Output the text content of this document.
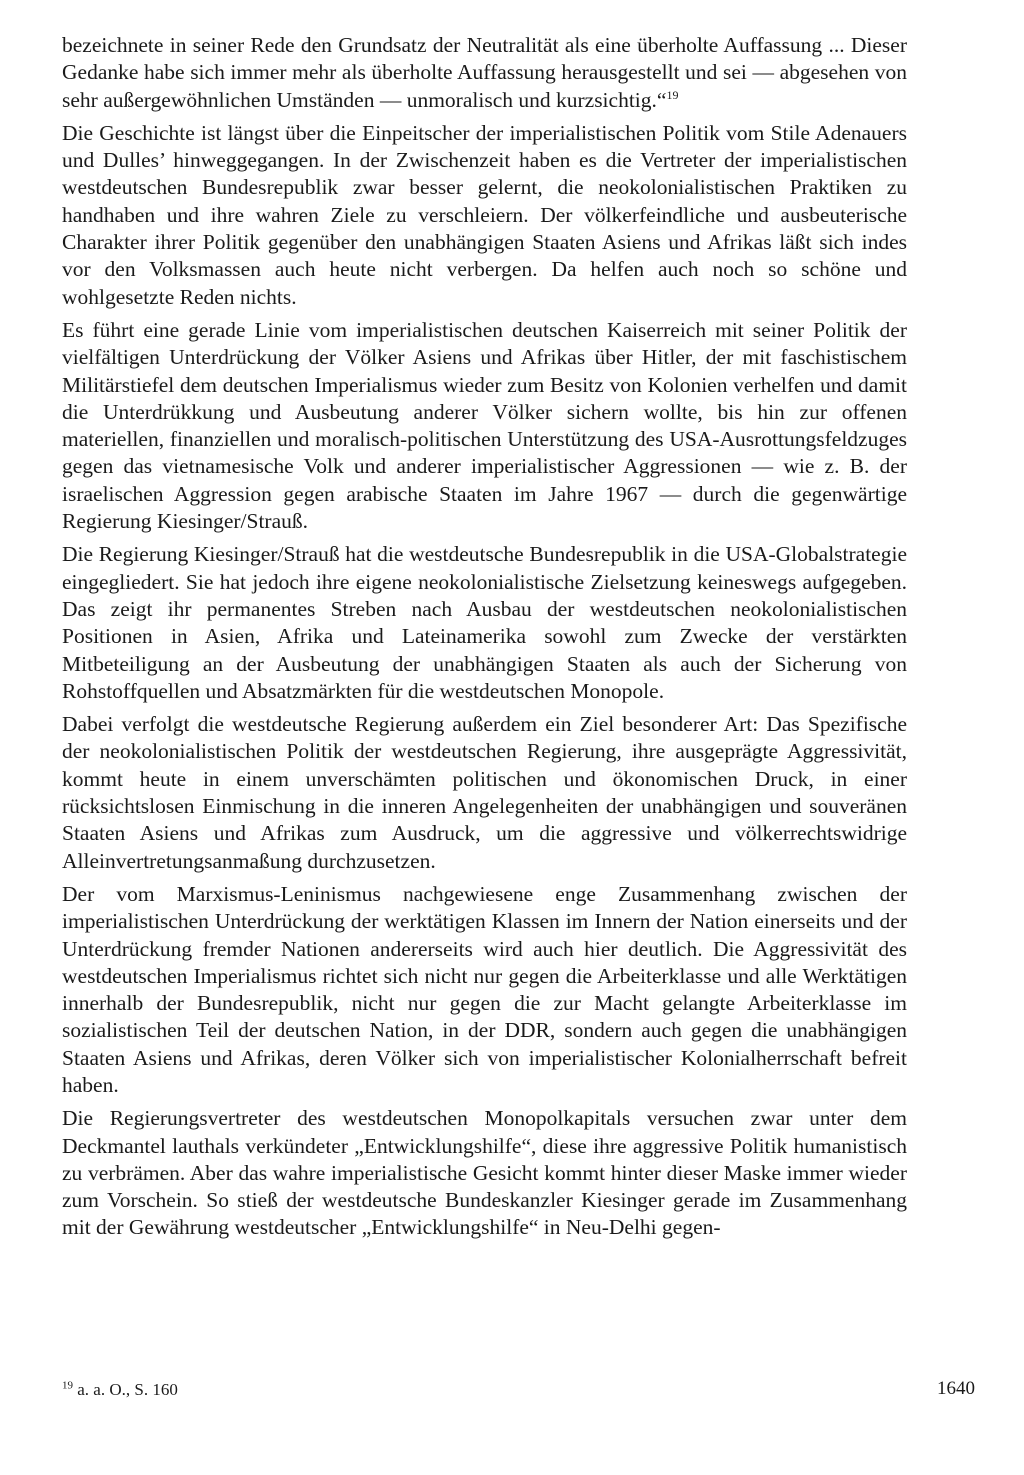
bezeichnete in seiner Rede den Grundsatz der Neutralität als eine überholte Auffassung ... Dieser Gedanke habe sich immer mehr als überholte Auffassung herausgestellt und sei — abgesehen von sehr außergewöhnlichen Umständen — unmoralisch und kurzsichtig.“$^{19}$

Die Geschichte ist längst über die Einpeitscher der imperialistischen Politik vom Stile Adenauers und Dulles’ hinweggegangen. In der Zwischenzeit haben es die Vertreter der imperialistischen westdeutschen Bundesrepublik zwar besser gelernt, die neokolonialistischen Praktiken zu handhaben und ihre wahren Ziele zu verschleiern. Der völkerfeindliche und ausbeuterische Charakter ihrer Politik gegenüber den unabhängigen Staaten Asiens und Afrikas läßt sich indes vor den Volksmassen auch heute nicht verbergen. Da helfen auch noch so schöne und wohlgesetzte Reden nichts.

Es führt eine gerade Linie vom imperialistischen deutschen Kaiserreich mit seiner Politik der vielfältigen Unterdrückung der Völker Asiens und Afrikas über Hitler, der mit faschistischem Militärstiefel dem deutschen Imperialismus wieder zum Besitz von Kolonien verhelfen und damit die Unterdrükkung und Ausbeutung anderer Völker sichern wollte, bis hin zur offenen materiellen, finanziellen und moralisch-politischen Unterstützung des USA-Ausrottungsfeldzuges gegen das vietnamesische Volk und anderer imperialistischer Aggressionen — wie z. B. der israelischen Aggression gegen arabische Staaten im Jahre 1967 — durch die gegenwärtige Regierung Kiesinger/Strauß.

Die Regierung Kiesinger/Strauß hat die westdeutsche Bundesrepublik in die USA-Globalstrategie eingegliedert. Sie hat jedoch ihre eigene neokolonialistische Zielsetzung keineswegs aufgegeben. Das zeigt ihr permanentes Streben nach Ausbau der westdeutschen neokolonialistischen Positionen in Asien, Afrika und Lateinamerika sowohl zum Zwecke der verstärkten Mitbeteiligung an der Ausbeutung der unabhängigen Staaten als auch der Sicherung von Rohstoffquellen und Absatzmärkten für die westdeutschen Monopole.

Dabei verfolgt die westdeutsche Regierung außerdem ein Ziel besonderer Art: Das Spezifische der neokolonialistischen Politik der westdeutschen Regierung, ihre ausgeprägte Aggressivität, kommt heute in einem unverschämten politischen und ökonomischen Druck, in einer rücksichtslosen Einmischung in die inneren Angelegenheiten der unabhängigen und souveränen Staaten Asiens und Afrikas zum Ausdruck, um die aggressive und völkerrechtswidrige Alleinvertretungsanmaßung durchzusetzen.

Der vom Marxismus-Leninismus nachgewiesene enge Zusammenhang zwischen der imperialistischen Unterdrückung der werktätigen Klassen im Innern der Nation einerseits und der Unterdrückung fremder Nationen andererseits wird auch hier deutlich. Die Aggressivität des westdeutschen Imperialismus richtet sich nicht nur gegen die Arbeiterklasse und alle Werktätigen innerhalb der Bundesrepublik, nicht nur gegen die zur Macht gelangte Arbeiterklasse im sozialistischen Teil der deutschen Nation, in der DDR, sondern auch gegen die unabhängigen Staaten Asiens und Afrikas, deren Völker sich von imperialistischer Kolonialherrschaft befreit haben.

Die Regierungsvertreter des westdeutschen Monopolkapitals versuchen zwar unter dem Deckmantel lauthals verkündeter „Entwicklungshilfe“, diese ihre aggressive Politik humanistisch zu verbrämen. Aber das wahre imperialistische Gesicht kommt hinter dieser Maske immer wieder zum Vorschein. So stieß der westdeutsche Bundeskanzler Kiesinger gerade im Zusammenhang mit der Gewährung westdeutscher „Entwicklungshilfe“ in Neu-Delhi gegen-

$^{19}$ a. a. O., S. 160	1640
